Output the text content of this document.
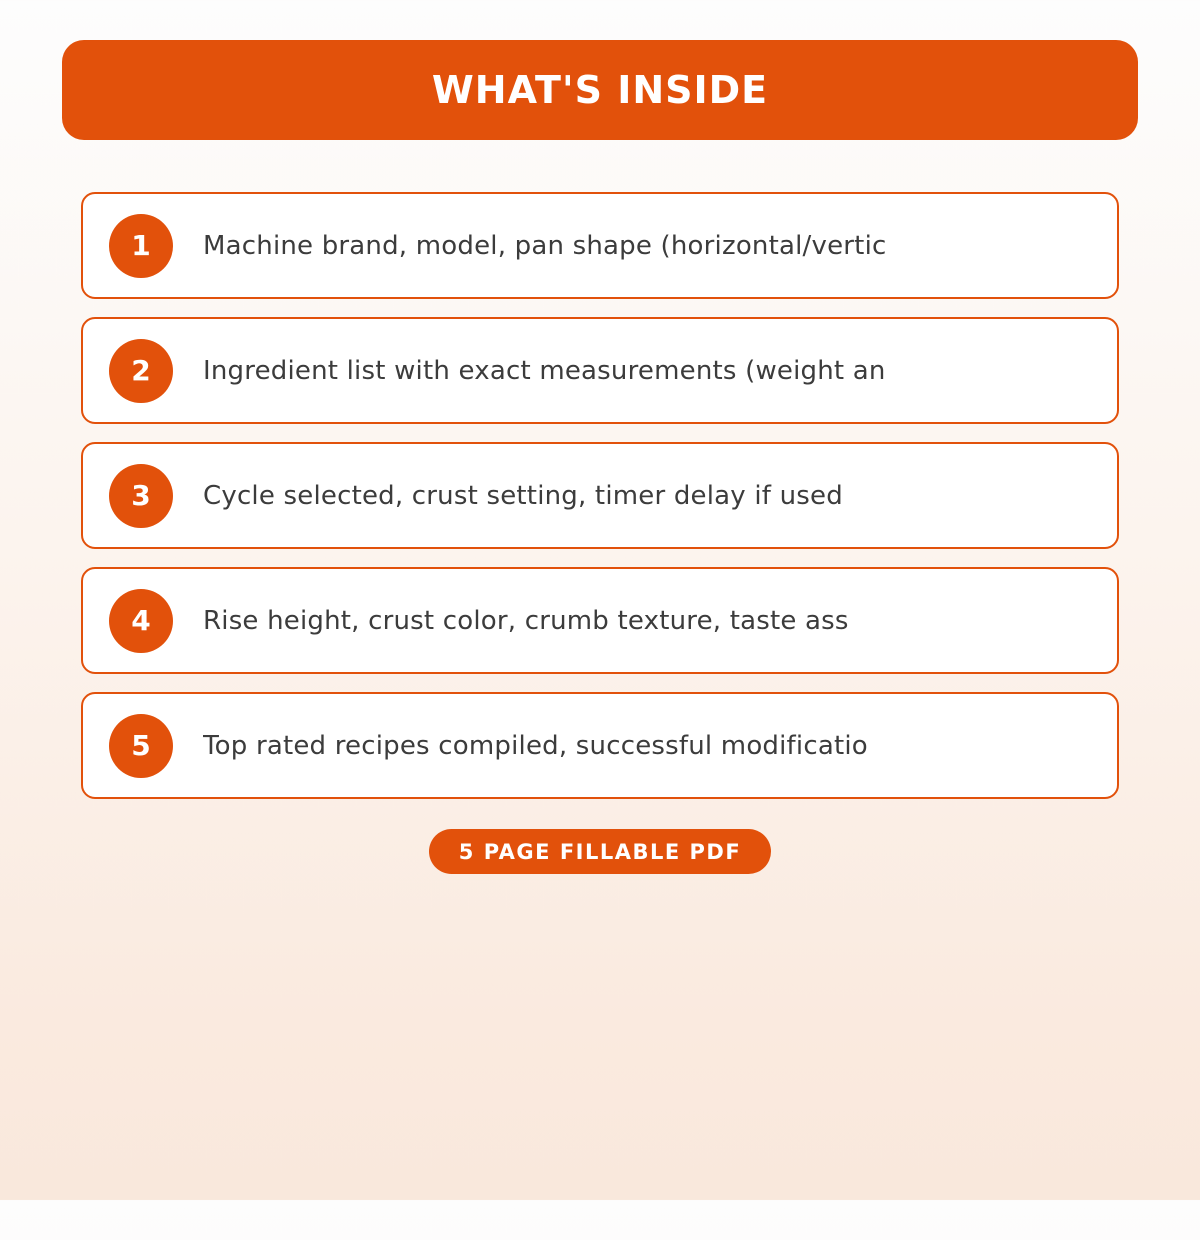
WHAT'S INSIDE
1	Machine brand, model, pan shape (horizontal/vertic
2	Ingredient list with exact measurements (weight an
3	Cycle selected, crust setting, timer delay if used
4	Rise height, crust color, crumb texture, taste ass
5	Top rated recipes compiled, successful modificatio
5 PAGE FILLABLE PDF
